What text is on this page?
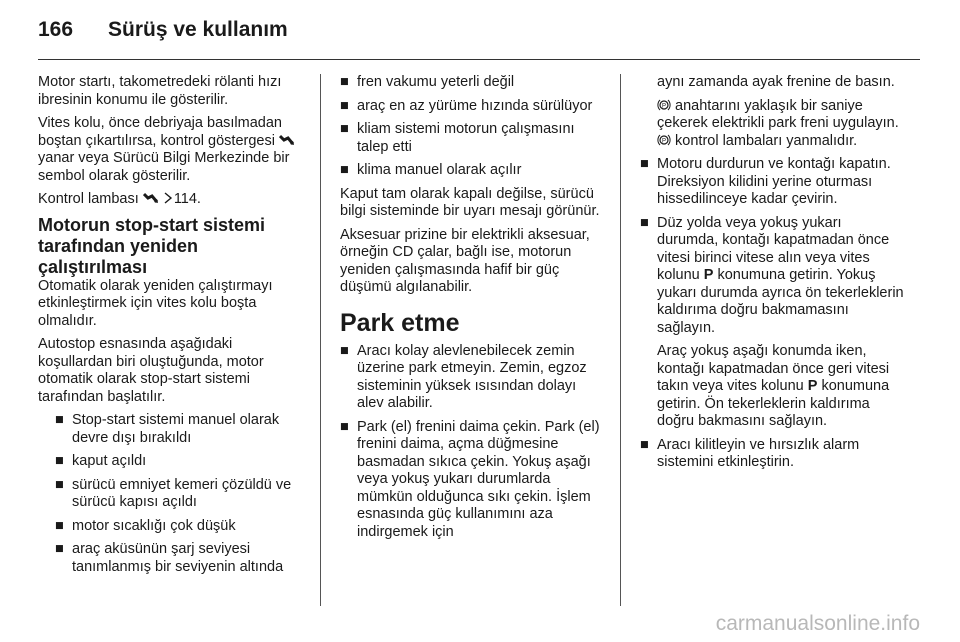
166	Sürüş ve kullanım

Motor startı, takometredeki rölanti hızı ibresinin konumu ile gösterilir.

Vites kolu, önce debriyaja basılmadan boştan çıkartılırsa, kontrol göstergesi
yanar veya Sürücü Bilgi Merkezinde bir sembol olarak gösterilir.

Kontrol lambası
114.

Motorun stop-start sistemi tarafından yeniden çalıştırılması

Otomatik olarak yeniden çalıştırmayı etkinleştirmek için vites kolu boşta olmalıdır.

Autostop esnasında aşağıdaki koşullardan biri oluştuğunda, motor otomatik olarak stop-start sistemi tarafından başlatılır.

■ Stop-start sistemi manuel olarak devre dışı bırakıldı
■ kaput açıldı
■ sürücü emniyet kemeri çözüldü ve sürücü kapısı açıldı
■ motor sıcaklığı çok düşük
■ araç aküsünün şarj seviyesi tanımlanmış bir seviyenin altında
■ fren vakumu yeterli değil
■ araç en az yürüme hızında sürülüyor
■ kliam sistemi motorun çalışmasını talep etti
■ klima manuel olarak açılır

Kaput tam olarak kapalı değilse, sürücü bilgi sisteminde bir uyarı mesajı görünür.

Aksesuar prizine bir elektrikli aksesuar, örneğin CD çalar, bağlı ise, motorun yeniden çalışmasında hafif bir güç düşümü algılanabilir.

Park etme
■ Aracı kolay alevlenebilecek zemin üzerine park etmeyin. Zemin, egzoz sisteminin yüksek ısısından dolayı alev alabilir.
■ Park (el) frenini daima çekin. Park (el) frenini daima, açma düğmesine basmadan sıkıca çekin. Yokuş aşağı veya yokuş yukarı durumlarda mümkün olduğunca sıkı çekin. İşlem esnasında güç kullanımını aza indirgemek için

aynı zamanda ayak frenine de basın.

P anahtarını yaklaşık bir saniye çekerek elektrikli park freni uygulayın.
P kontrol lambaları yanmalıdır.

■ Motoru durdurun ve kontağı kapatın. Direksiyon kilidini yerine oturması hissedilinceye kadar çevirin.
■ Düz yolda veya yokuş yukarı durumda, kontağı kapatmadan önce vitesi birinci vitese alın veya vites kolunu P konumuna getirin. Yokuş yukarı durumda ayrıca ön tekerleklerin kaldırıma doğru bakmamasını sağlayın.

Araç yokuş aşağı konumda iken, kontağı kapatmadan önce geri vitesi takın veya vites kolunu P konumuna getirin. Ön tekerleklerin kaldırıma doğru bakmasını sağlayın.

■ Aracı kilitleyin ve hırsızlık alarm sistemini etkinleştirin.
carmanualsonline.info
